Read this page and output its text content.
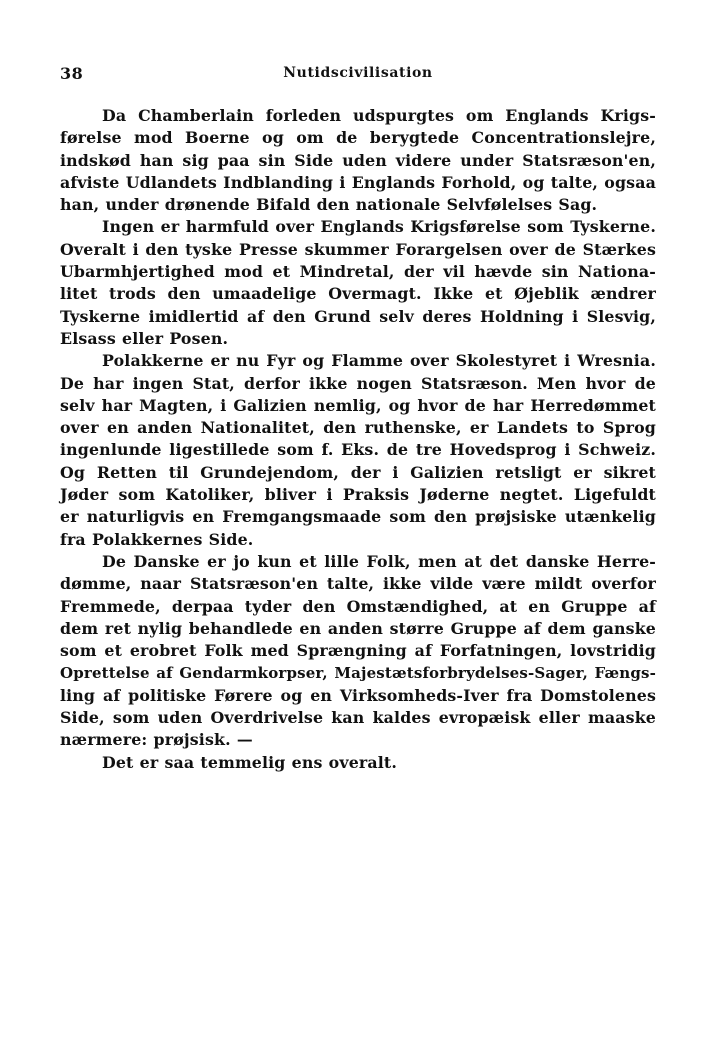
38	Nutidscivilisation
Da Chamberlain forleden udspurgtes om Englands Krigs-
førelse mod Boerne og om de berygtede Concentrationslejre,
indskød han sig paa sin Side uden videre under Statsræson'en,
afviste Udlandets Indblanding i Englands Forhold, og talte, ogsaa
han, under drønende Bifald den nationale Selvfølelses Sag.
Ingen er harmfuld over Englands Krigsførelse som Tyskerne.
Overalt i den tyske Presse skummer Forargelsen over de Stærkes
Ubarmhjertighed mod et Mindretal, der vil hævde sin Nationa-
litet trods den umaadelige Overmagt. Ikke et Øjeblik ændrer
Tyskerne imidlertid af den Grund selv deres Holdning i Slesvig,
Elsass eller Posen.
Polakkerne er nu Fyr og Flamme over Skolestyret i Wresnia.
De har ingen Stat, derfor ikke nogen Statsræson. Men hvor de
selv har Magten, i Galizien nemlig, og hvor de har Herredømmet
over en anden Nationalitet, den ruthenske, er Landets to Sprog
ingenlunde ligestillede som f. Eks. de tre Hovedsprog i Schweiz.
Og Retten til Grundejendom, der i Galizien retsligt er sikret
Jøder som Katoliker, bliver i Praksis Jøderne negtet. Ligefuldt
er naturligvis en Fremgangsmaade som den prøjsiske utænkelig
fra Polakkernes Side.
De Danske er jo kun et lille Folk, men at det danske Herre-
dømme, naar Statsræson'en talte, ikke vilde være mildt overfor
Fremmede, derpaa tyder den Omstændighed, at en Gruppe af
dem ret nylig behandlede en anden større Gruppe af dem ganske
som et erobret Folk med Sprængning af Forfatningen, lovstridig
Oprettelse af Gendarmkorpser, Majestætsforbrydelses-Sager, Fængs-
ling af politiske Førere og en Virksomheds-Iver fra Domstolenes
Side, som uden Overdrivelse kan kaldes evropæisk eller maaske
nærmere: prøjsisk. —
Det er saa temmelig ens overalt.
